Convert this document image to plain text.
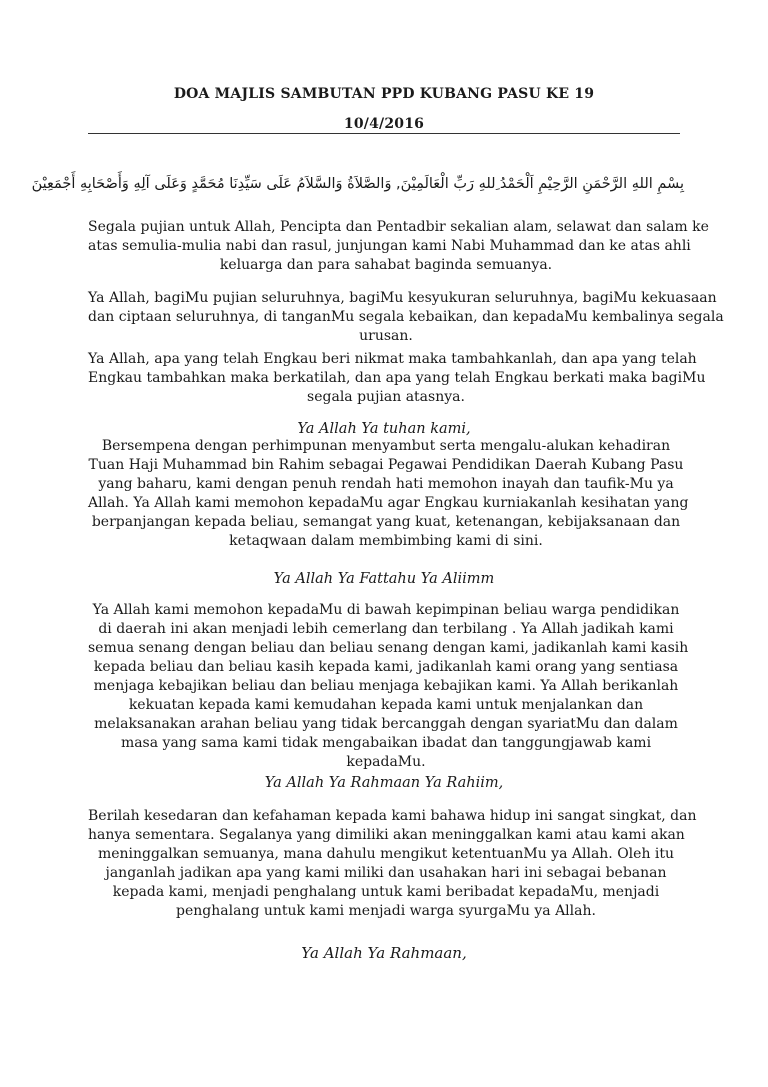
DOA MAJLIS SAMBUTAN PPD KUBANG PASU KE 19
10/4/2016
بِسْمِ اللهِ الرَّحْمَنِ الرَّحِيْمِ اَلْحَمْدُ ِللهِ رَبِّ الْعَالَمِيْنَ, وَالصَّلاَةُ وَالسَّلاَمُ عَلَى سَيِّدِنَا مُحَمَّدٍ وَعَلَى آلِهِ وَأَصْحَابِهِ أَجْمَعِيْنَ
Segala pujian untuk Allah, Pencipta dan Pentadbir sekalian alam, selawat dan salam ke
atas semulia-mulia nabi dan rasul, junjungan kami Nabi Muhammad dan ke atas ahli
keluarga dan para sahabat baginda semuanya.
Ya Allah, bagiMu pujian seluruhnya, bagiMu kesyukuran seluruhnya, bagiMu kekuasaan
dan ciptaan seluruhnya, di tanganMu segala kebaikan, dan kepadaMu kembalinya segala
urusan.
Ya Allah, apa yang telah Engkau beri nikmat maka tambahkanlah, dan apa yang telah
Engkau tambahkan maka berkatilah, dan apa yang telah Engkau berkati maka bagiMu
segala pujian atasnya.
Ya Allah Ya tuhan kami,
Bersempena dengan perhimpunan menyambut serta mengalu-alukan kehadiran
Tuan Haji Muhammad bin Rahim sebagai Pegawai Pendidikan Daerah Kubang Pasu
yang baharu, kami dengan penuh rendah hati memohon inayah dan taufik-Mu ya
Allah. Ya Allah kami memohon kepadaMu agar Engkau kurniakanlah kesihatan yang
berpanjangan kepada beliau, semangat yang kuat, ketenangan, kebijaksanaan dan
ketaqwaan dalam membimbing kami di sini.
Ya Allah Ya Fattahu Ya Aliimm
Ya Allah kami memohon kepadaMu di bawah kepimpinan beliau warga pendidikan
di daerah ini akan menjadi lebih cemerlang dan terbilang . Ya Allah jadikah kami
semua senang dengan beliau dan beliau senang dengan kami, jadikanlah kami kasih
kepada beliau dan beliau kasih kepada kami, jadikanlah kami orang yang sentiasa
menjaga kebajikan beliau dan beliau menjaga kebajikan kami. Ya Allah berikanlah
kekuatan kepada kami kemudahan kepada kami untuk menjalankan dan
melaksanakan arahan beliau yang tidak bercanggah dengan syariatMu dan dalam
masa yang sama kami tidak mengabaikan ibadat dan tanggungjawab kami
kepadaMu.
Ya Allah Ya Rahmaan Ya Rahiim,
Berilah kesedaran dan kefahaman kepada kami bahawa hidup ini sangat singkat, dan
hanya sementara. Segalanya yang dimiliki akan meninggalkan kami atau kami akan
meninggalkan semuanya, mana dahulu mengikut ketentuanMu ya Allah. Oleh itu
janganlah jadikan apa yang kami miliki dan usahakan hari ini sebagai bebanan
kepada kami, menjadi penghalang untuk kami beribadat kepadaMu, menjadi
penghalang untuk kami menjadi warga syurgaMu ya Allah.
Ya Allah Ya Rahmaan,
